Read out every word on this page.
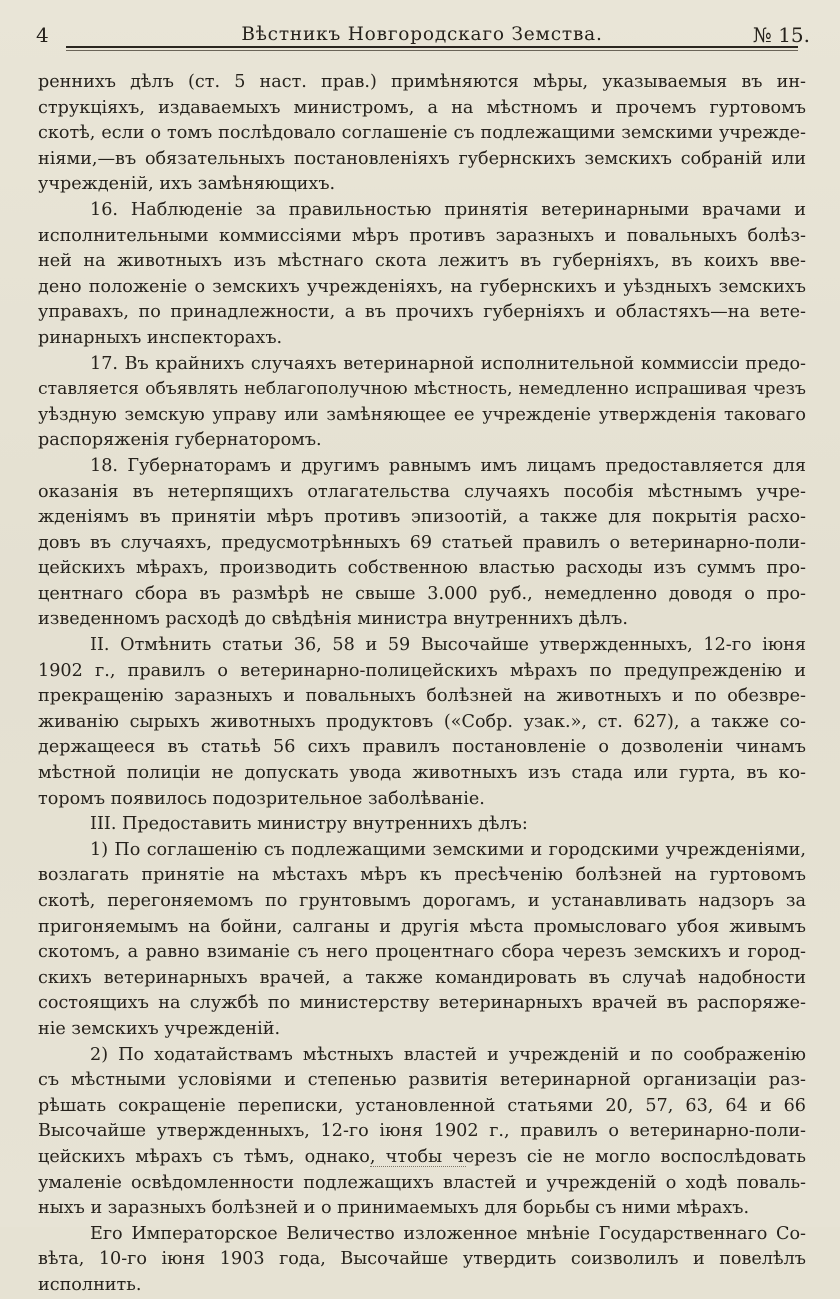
4	Вѣстникъ Новгородскаго Земства.	№ 15.
реннихъ дѣлъ (ст. 5 наст. прав.) примѣняются мѣры, указываемыя въ ин-
струкціяхъ, издаваемыхъ министромъ, а на мѣстномъ и прочемъ гуртовомъ
скотѣ, если о томъ послѣдовало соглашеніе съ подлежащими земскими учрежде-
ніями,—въ обязательныхъ постановленіяхъ губернскихъ земскихъ собраній или
учрежденій, ихъ замѣняющихъ.
16. Наблюденіе за правильностью принятія ветеринарными врачами и
исполнительными коммиссіями мѣръ противъ заразныхъ и повальныхъ болѣз-
ней на животныхъ изъ мѣстнаго скота лежитъ въ губерніяхъ, въ коихъ вве-
дено положеніе о земскихъ учрежденіяхъ, на губернскихъ и уѣздныхъ земскихъ
управахъ, по принадлежности, а въ прочихъ губерніяхъ и областяхъ—на вете-
ринарныхъ инспекторахъ.
17. Въ крайнихъ случаяхъ ветеринарной исполнительной коммиссіи предо-
ставляется объявлять неблагополучною мѣстность, немедленно испрашивая чрезъ
уѣздную земскую управу или замѣняющее ее учрежденіе утвержденія таковаго
распоряженія губернаторомъ.
18. Губернаторамъ и другимъ равнымъ имъ лицамъ предоставляется для
оказанія въ нетерпящихъ отлагательства случаяхъ пособія мѣстнымъ учре-
жденіямъ въ принятіи мѣръ противъ эпизоотій, а также для покрытія расхо-
довъ въ случаяхъ, предусмотрѣнныхъ 69 статьей правилъ о ветеринарно-поли-
цейскихъ мѣрахъ, производить собственною властью расходы изъ суммъ про-
центнаго сбора въ размѣрѣ не свыше 3.000 руб., немедленно доводя о про-
изведенномъ расходѣ до свѣдѣнія министра внутреннихъ дѣлъ.
II. Отмѣнить статьи 36, 58 и 59 Высочайше утвержденныхъ, 12-го іюня
1902 г., правилъ о ветеринарно-полицейскихъ мѣрахъ по предупрежденію и
прекращенію заразныхъ и повальныхъ болѣзней на животныхъ и по обезвре-
живанію сырыхъ животныхъ продуктовъ («Собр. узак.», ст. 627), а также со-
держащееся въ статьѣ 56 сихъ правилъ постановленіе о дозволеніи чинамъ
мѣстной полиціи не допускать увода животныхъ изъ стада или гурта, въ ко-
торомъ появилось подозрительное заболѣваніе.
III. Предоставить министру внутреннихъ дѣлъ:
1) По соглашенію съ подлежащими земскими и городскими учрежденіями,
возлагать принятіе на мѣстахъ мѣръ къ пресѣченію болѣзней на гуртовомъ
скотѣ, перегоняемомъ по грунтовымъ дорогамъ, и устанавливать надзоръ за
пригоняемымъ на бойни, салганы и другія мѣста промысловаго убоя живымъ
скотомъ, а равно взиманіе съ него процентнаго сбора черезъ земскихъ и город-
скихъ ветеринарныхъ врачей, а также командировать въ случаѣ надобности
состоящихъ на службѣ по министерству ветеринарныхъ врачей въ распоряже-
ніе земскихъ учрежденій.
2) По ходатайствамъ мѣстныхъ властей и учрежденій и по соображенію
съ мѣстными условіями и степенью развитія ветеринарной организаціи раз-
рѣшать сокращеніе переписки, установленной статьями 20, 57, 63, 64 и 66
Высочайше утвержденныхъ, 12-го іюня 1902 г., правилъ о ветеринарно-поли-
цейскихъ мѣрахъ съ тѣмъ, однако, чтобы черезъ сіе не могло воспослѣдовать
умаленіе освѣдомленности подлежащихъ властей и учрежденій о ходѣ поваль-
ныхъ и заразныхъ болѣзней и о принимаемыхъ для борьбы съ ними мѣрахъ.
Его Императорское Величество изложенное мнѣніе Государственнаго Со-
вѣта, 10-го іюня 1903 года, Высочайше утвердить соизволилъ и повелѣлъ
исполнить.
